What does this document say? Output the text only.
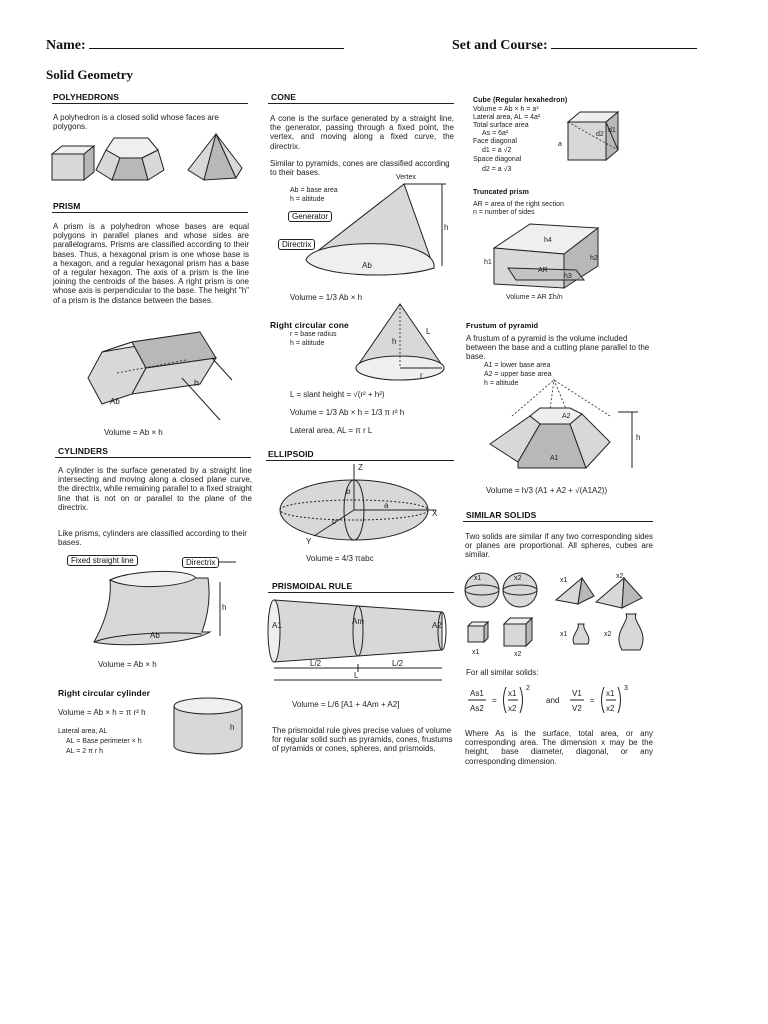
Name:	Set and Course:
Solid Geometry
POLYHEDRONS
A polyhedron is a closed solid whose faces are polygons.
PRISM
A prism is a polyhedron whose bases are equal polygons in parallel planes and whose sides are parallelograms. Prisms are classified according to their bases. Thus, a hexagonal prism is one whose base is a hexagon, and a regular hexagonal prism has a base of a regular hexagon. The axis of a prism is the line joining the centroids of the bases. A right prism is one whose axis is perpendicular to the base. The height "h" of a prism is the distance between the bases.
h
Ab
Volume = Ab × h
CYLINDERS
A cylinder is the surface generated by a straight line intersecting and moving along a closed plane curve, the directrix, while remaining parallel to a fixed straight line that is not on or parallel to the plane of the directrix.
Like prisms, cylinders are classified according to their bases.
h
Ab
Fixed straight line	Directrix
Volume = Ab × h
Right circular cylinder
Volume = Ab × h = π r² h
Lateral area, AL
AL = Base perimeter × h
AL = 2 π r h
h
CONE
A cone is the surface generated by a straight line, the generator, passing through a fixed point, the vertex, and moving along a fixed curve, the directrix.
Similar to pyramids, cones are classified according to their bases.
Vertex
Ab = base area
h = altitude
h
Ab
Generator
Directrix
Volume = 1/3 Ab × h
Right circular cone
r = base radius
h = altitude	h
L
r
L = slant height = √(r² + h²)
Volume = 1/3 Ab × h = 1/3 π r² h
Lateral area, AL = π r L
ELLIPSOID
Z
X
Y
a
b
c
Volume = 4/3 πabc
PRISMOIDAL RULE
A1	Am	A2
L/2	L/2
L
Volume = L/6 [A1 + 4Am + A2]
The prismoidal rule gives precise values of volume for regular solid such as pyramids, cones, frustums of pyramids or cones, spheres, and prismoids.
Cube (Regular hexahedron)
Volume = Ab × h = a³
Lateral area, AL = 4a²
Total surface area
As = 6a²
Face diagonal
d1 = a √2
Space diagonal
d2 = a √3
d2
d1
a
Truncated prism
AR = area of the right section
n = number of sides
h1
h2
h3
h4
AR
Volume = AR Σh/n
Frustum of pyramid
A frustum of a pyramid is the volume included between the base and a cutting plane parallel to the base.
A1 = lower base area
A2 = upper base area
h = altitude
h
A2
A1
Volume = h/3 (A1 + A2 + √(A1A2))
SIMILAR SOLIDS
Two solids are similar if any two corresponding sides or planes are proportional. All spheres, cubes are similar.
x1	x2	x1
x2
x1	x2
x1	x2
For all similar solids:
As1
As2
=
x1
x2
2
and
V1
V2
=
x1
x2
3
Where As is the surface, total area, or any corresponding area. The dimension x may be the height, base diameter, diagonal, or any corresponding dimension.
